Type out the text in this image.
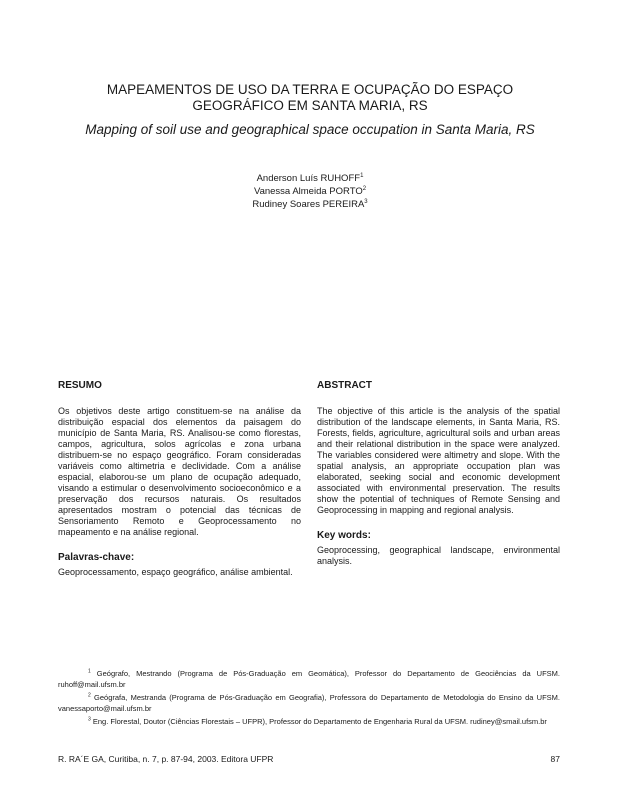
MAPEAMENTOS DE USO DA TERRA E OCUPAÇÃO DO ESPAÇO GEOGRÁFICO EM SANTA MARIA, RS
Mapping of soil use and geographical space occupation in Santa Maria, RS
Anderson Luís RUHOFF$^1$
Vanessa Almeida PORTO$^2$
Rudiney Soares PEREIRA$^3$
RESUMO

Os objetivos deste artigo constituem-se na análise da distribuição espacial dos elementos da paisagem do município de Santa Maria, RS. Analisou-se como florestas, campos, agricultura, solos agrícolas e zona urbana distribuem-se no espaço geográfico. Foram consideradas variáveis como altimetria e declividade. Com a análise espacial, elaborou-se um plano de ocupação adequado, visando a estimular o desenvolvimento socioeconômico e a preservação dos recursos naturais. Os resultados apresentados mostram o potencial das técnicas de Sensoriamento Remoto e Geoprocessamento no mapeamento e na análise regional.

Palavras-chave:

Geoprocessamento, espaço geográfico, análise ambiental.

ABSTRACT

The objective of this article is the analysis of the spatial distribution of the landscape elements, in Santa Maria, RS. Forests, fields, agriculture, agricultural soils and urban areas and their relational distribution in the space were analyzed. The variables considered were altimetry and slope. With the spatial analysis, an appropriate occupation plan was elaborated, seeking social and economic development associated with environmental preservation. The results show the potential of techniques of Remote Sensing and Geoprocessing in mapping and regional analysis.

Key words:

Geoprocessing, geographical landscape, environmental analysis.

$^1$ Geógrafo, Mestrando (Programa de Pós-Graduação em Geomática), Professor do Departamento de Geociências da UFSM. ruhoff@mail.ufsm.br

$^2$ Geógrafa, Mestranda (Programa de Pós-Graduação em Geografia), Professora do Departamento de Metodologia do Ensino da UFSM. vanessaporto@mail.ufsm.br

$^3$ Eng. Florestal, Doutor (Ciências Florestais – UFPR), Professor do Departamento de Engenharia Rural da UFSM. rudiney@smail.ufsm.br

R. RA´E GA, Curitiba, n. 7, p. 87-94, 2003. Editora UFPR	87
